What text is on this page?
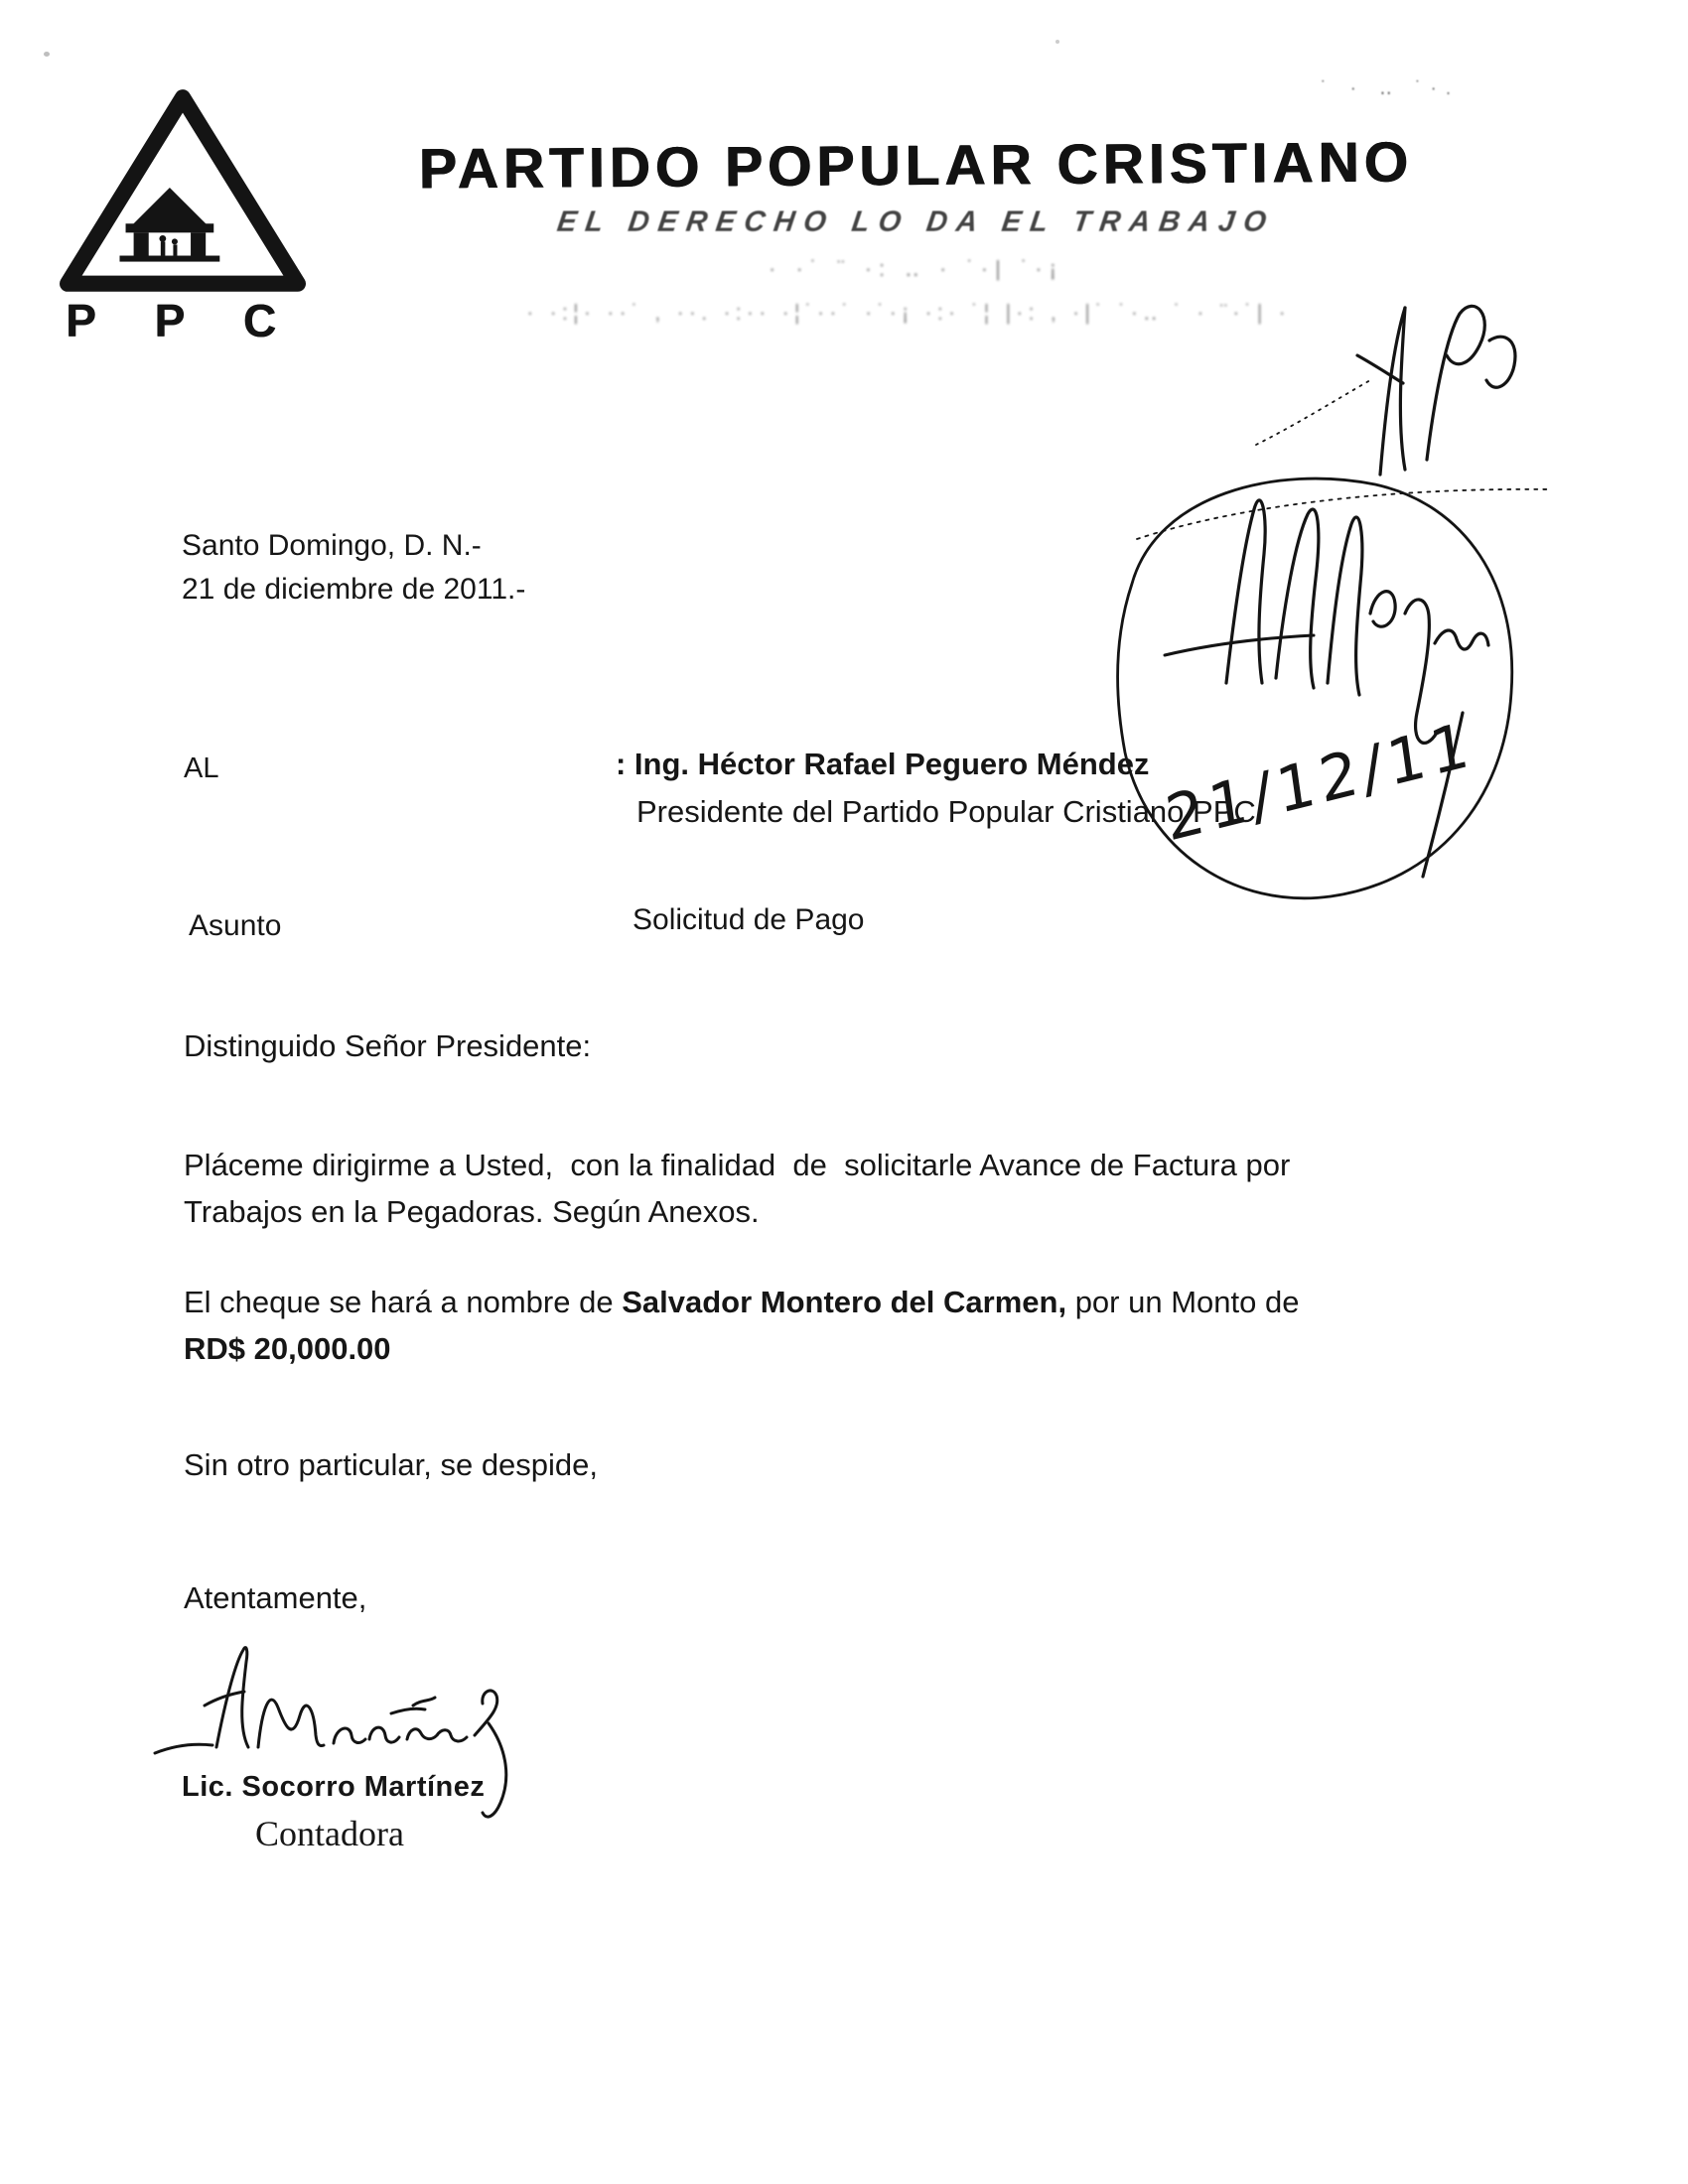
˙ · ‥ ˙·.
P P C
PARTIDO POPULAR CRISTIANO
EL DERECHO LO DA EL TRABAJO
· ·˙ ¨ ·: ‥ · ˙·| ˙·¡
· ·:¦· ··˙ , ··. ·:·· ·¦˙··˙ ·˙·¡ ·:· ˙¦ |·: , ·|˙ ˙·‥ ˙ · ¨·˙| ·
21/12/11
Santo Domingo, D. N.-
21 de diciembre de 2011.-
AL	: Ing. Héctor Rafael Peguero Méndez
Presidente del Partido Popular Cristiano PPC
Asunto	Solicitud de Pago
Distinguido Señor Presidente:
Pláceme dirigirme a Usted,  con la finalidad  de  solicitarle Avance de Factura por
Trabajos en la Pegadoras. Según Anexos.
El cheque se hará a nombre de Salvador Montero del Carmen, por un Monto de
RD$ 20,000.00
Sin otro particular, se despide,
Atentamente,
Lic. Socorro Martínez
Contadora
